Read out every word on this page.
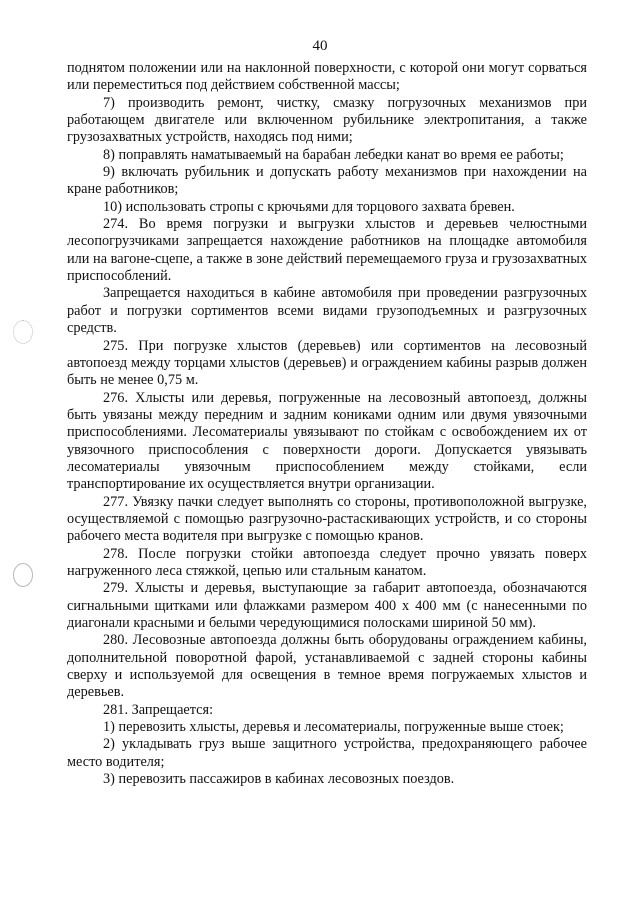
40

поднятом положении или на наклонной поверхности, с которой они могут сорваться или переместиться под действием собственной массы;

7) производить ремонт, чистку, смазку погрузочных механизмов при работающем двигателе или включенном рубильнике электропитания, а также грузозахватных устройств, находясь под ними;

8) поправлять наматываемый на барабан лебедки канат во время ее работы;

9) включать рубильник и допускать работу механизмов при нахождении на кране работников;

10) использовать стропы с крючьями для торцового захвата бревен.

274. Во время погрузки и выгрузки хлыстов и деревьев челюстными лесопогрузчиками запрещается нахождение работников на площадке автомобиля или на вагоне-сцепе, а также в зоне действий перемещаемого груза и грузозахватных приспособлений.

Запрещается находиться в кабине автомобиля при проведении разгрузочных работ и погрузки сортиментов всеми видами грузоподъемных и разгрузочных средств.

275. При погрузке хлыстов (деревьев) или сортиментов на лесовозный автопоезд между торцами хлыстов (деревьев) и ограждением кабины разрыв должен быть не менее 0,75 м.

276. Хлысты или деревья, погруженные на лесовозный автопоезд, должны быть увязаны между передним и задним кониками одним или двумя увязочными приспособлениями. Лесоматериалы увязывают по стойкам с освобождением их от увязочного приспособления с поверхности дороги. Допускается увязывать лесоматериалы увязочным приспособлением между стойками, если транспортирование их осуществляется внутри организации.

277. Увязку пачки следует выполнять со стороны, противоположной выгрузке, осуществляемой с помощью разгрузочно-растаскивающих устройств, и со стороны рабочего места водителя при выгрузке с помощью кранов.

278. После погрузки стойки автопоезда следует прочно увязать поверх нагруженного леса стяжкой, цепью или стальным канатом.

279. Хлысты и деревья, выступающие за габарит автопоезда, обозначаются сигнальными щитками или флажками размером 400 х 400 мм (с нанесенными по диагонали красными и белыми чередующимися полосками шириной 50 мм).

280. Лесовозные автопоезда должны быть оборудованы ограждением кабины, дополнительной поворотной фарой, устанавливаемой с задней стороны кабины сверху и используемой для освещения в темное время погружаемых хлыстов и деревьев.

281. Запрещается:

1) перевозить хлысты, деревья и лесоматериалы, погруженные выше стоек;

2) укладывать груз выше защитного устройства, предохраняющего рабочее место водителя;

3) перевозить пассажиров в кабинах лесовозных поездов.
